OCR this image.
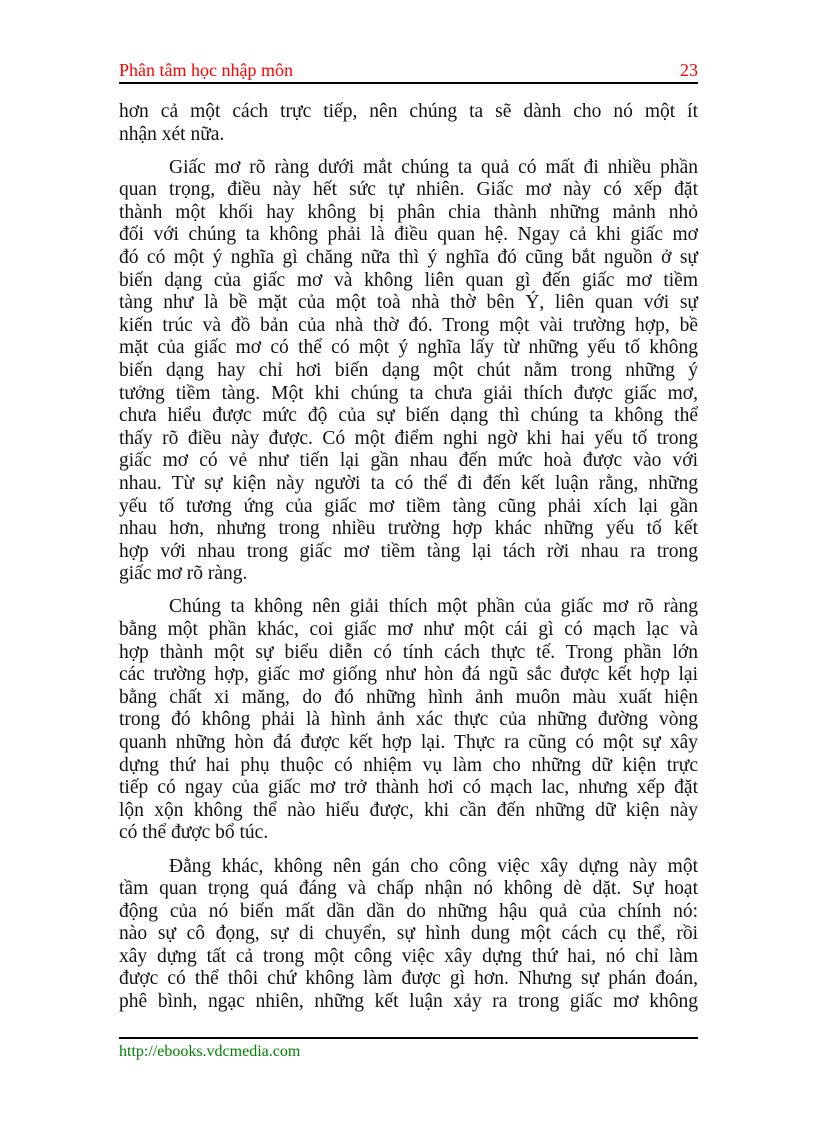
Phân tâm học nhập môn	23
hơn cả một cách trực tiếp, nên chúng ta sẽ dành cho nó một ít
nhận xét nữa.
Giấc mơ rõ ràng dưới mắt chúng ta quả có mất đi nhiều phần
quan trọng, điều này hết sức tự nhiên. Giấc mơ này có xếp đặt
thành một khối hay không bị phân chia thành những mảnh nhỏ
đối với chúng ta không phải là điều quan hệ. Ngay cả khi giấc mơ
đó có một ý nghĩa gì chăng nữa thì ý nghĩa đó cũng bắt nguồn ở sự
biến dạng của giấc mơ và không liên quan gì đến giấc mơ tiềm
tàng như là bề mặt của một toà nhà thờ bên Ý, liên quan với sự
kiến trúc và đồ bản của nhà thờ đó. Trong một vài trường hợp, bề
mặt của giấc mơ có thể có một ý nghĩa lấy từ những yếu tố không
biến dạng hay chỉ hơi biến dạng một chút nằm trong những ý
tưởng tiềm tàng. Một khi chúng ta chưa giải thích được giấc mơ,
chưa hiểu được mức độ của sự biến dạng thì chúng ta không thể
thấy rõ điều này được. Có một điểm nghi ngờ khi hai yếu tố trong
giấc mơ có vẻ như tiến lại gần nhau đến mức hoà được vào với
nhau. Từ sự kiện này người ta có thể đi đến kết luận rằng, những
yếu tố tương ứng của giấc mơ tiềm tàng cũng phải xích lại gần
nhau hơn, nhưng trong nhiều trường hợp khác những yếu tố kết
hợp với nhau trong giấc mơ tiềm tàng lại tách rời nhau ra trong
giấc mơ rõ ràng.
Chúng ta không nên giải thích một phần của giấc mơ rõ ràng
bằng một phần khác, coi giấc mơ như một cái gì có mạch lạc và
hợp thành một sự biểu diễn có tính cách thực tế. Trong phần lớn
các trường hợp, giấc mơ giống như hòn đá ngũ sắc được kết hợp lại
bằng chất xi măng, do đó những hình ảnh muôn màu xuất hiện
trong đó không phải là hình ảnh xác thực của những đường vòng
quanh những hòn đá được kết hợp lại. Thực ra cũng có một sự xây
dựng thứ hai phụ thuộc có nhiệm vụ làm cho những dữ kiện trực
tiếp có ngay của giấc mơ trở thành hơi có mạch lac, nhưng xếp đặt
lộn xộn không thể nào hiểu được, khi cần đến những dữ kiện này
có thể được bổ túc.
Đằng khác, không nên gán cho công việc xây dựng này một
tầm quan trọng quá đáng và chấp nhận nó không dè dặt. Sự hoạt
động của nó biến mất dần dần do những hậu quả của chính nó:
nào sự cô đọng, sự di chuyển, sự hình dung một cách cụ thể, rồi
xây dựng tất cả trong một công việc xây dựng thứ hai, nó chỉ làm
được có thể thôi chứ không làm được gì hơn. Nhưng sự phán đoán,
phê bình, ngạc nhiên, những kết luận xảy ra trong giấc mơ không
http://ebooks.vdcmedia.com
